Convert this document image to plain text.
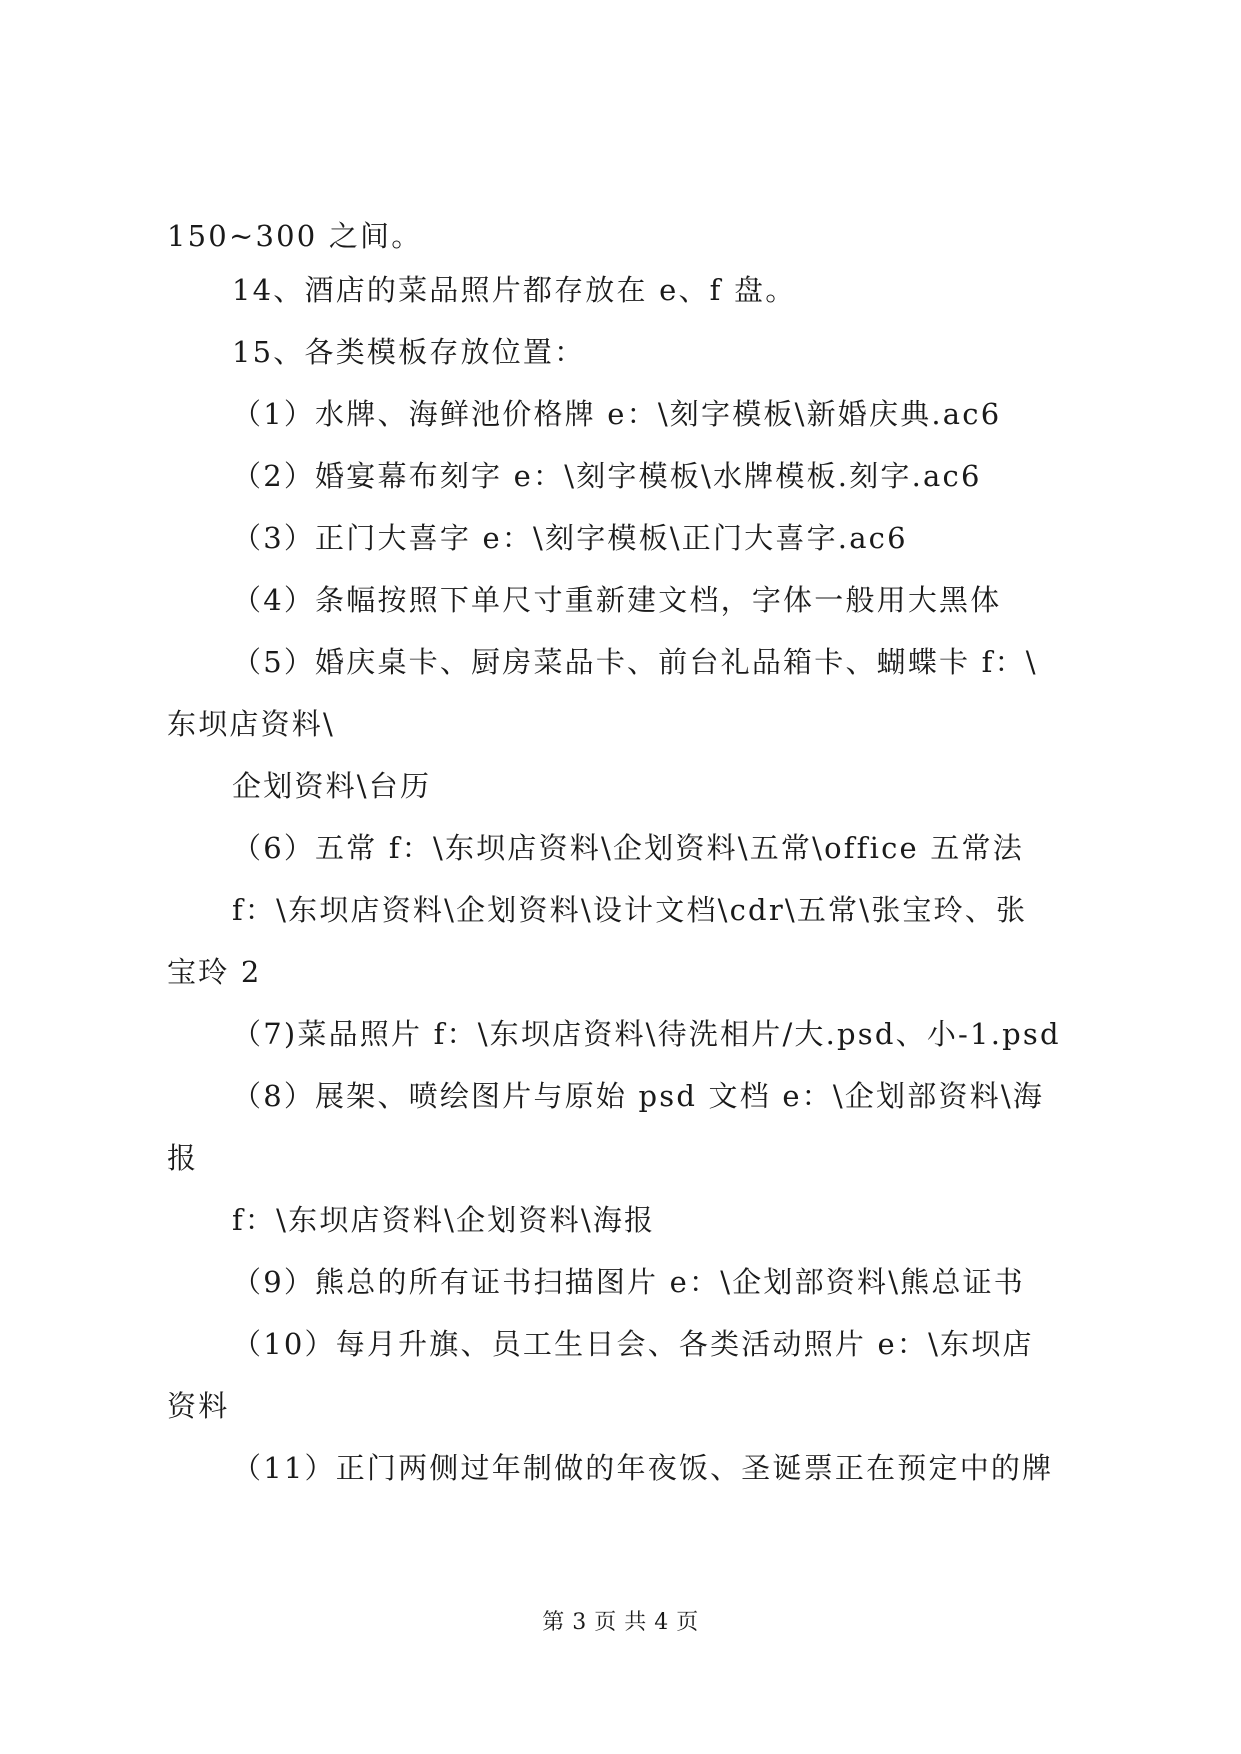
150~300 之间。
14、酒店的菜品照片都存放在 e、f 盘。
15、各类模板存放位置：
（1）水牌、海鲜池价格牌 e：\刻字模板\新婚庆典.ac6
（2）婚宴幕布刻字 e：\刻字模板\水牌模板.刻字.ac6
（3）正门大喜字 e：\刻字模板\正门大喜字.ac6
（4）条幅按照下单尺寸重新建文档，字体一般用大黑体
（5）婚庆桌卡、厨房菜品卡、前台礼品箱卡、蝴蝶卡 f：\
东坝店资料\
企划资料\台历
（6）五常 f：\东坝店资料\企划资料\五常\office 五常法
f：\东坝店资料\企划资料\设计文档\cdr\五常\张宝玲、张
宝玲 2
（7)菜品照片 f：\东坝店资料\待洗相片/大.psd、小-1.psd
（8）展架、喷绘图片与原始 psd 文档 e：\企划部资料\海
报
f：\东坝店资料\企划资料\海报
（9）熊总的所有证书扫描图片 e：\企划部资料\熊总证书
（10）每月升旗、员工生日会、各类活动照片 e：\东坝店
资料
（11）正门两侧过年制做的年夜饭、圣诞票正在预定中的牌
第 3 页 共 4 页
